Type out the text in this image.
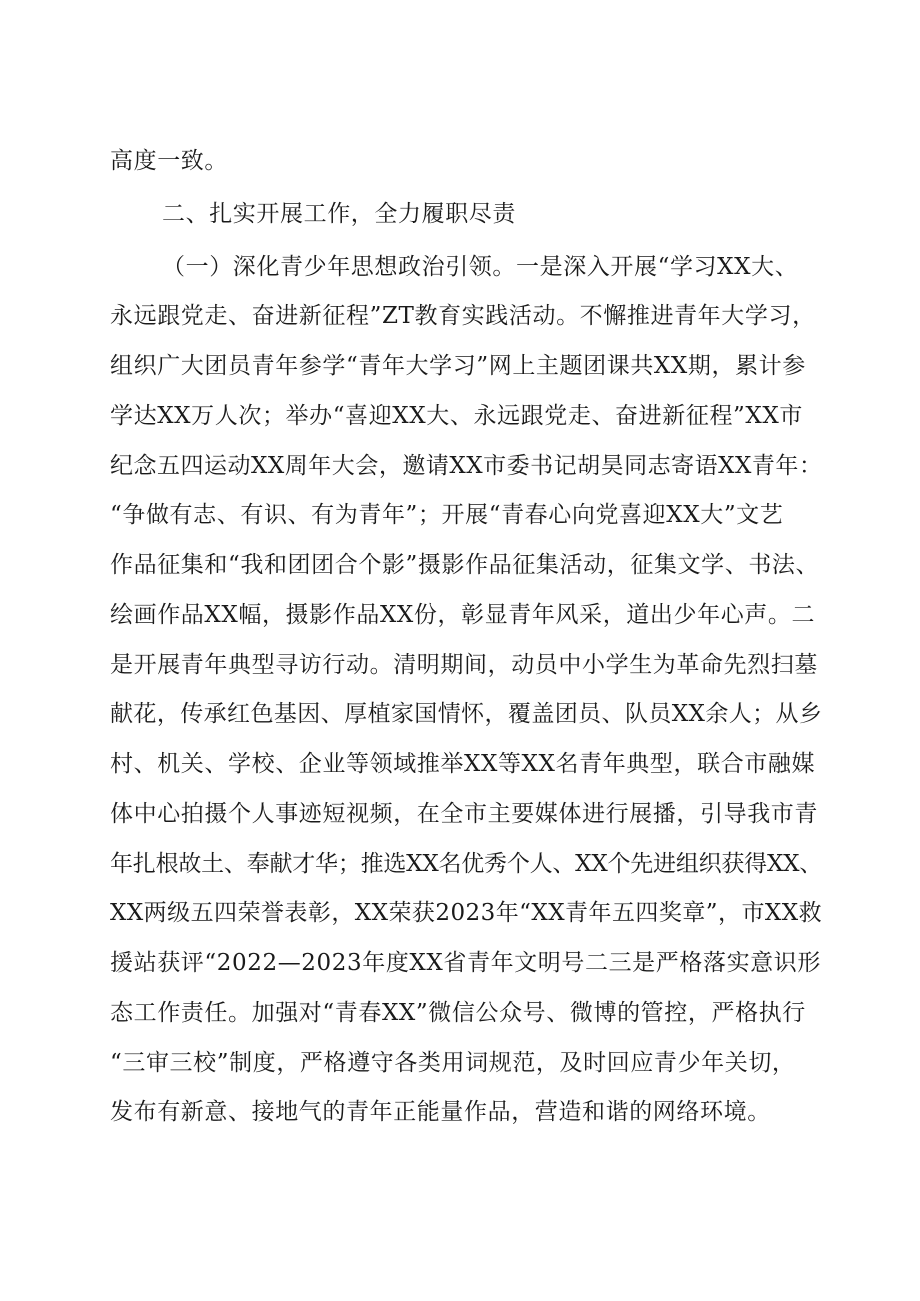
高度一致。
二、扎实开展工作，全力履职尽责
（一）深化青少年思想政治引领。一是深入开展“学习XX大、
永远跟党走、奋进新征程”ZT教育实践活动。不懈推进青年大学习，
组织广大团员青年参学“青年大学习”网上主题团课共XX期，累计参
学达XX万人次；举办“喜迎XX大、永远跟党走、奋进新征程”XX市
纪念五四运动XX周年大会，邀请XX市委书记胡昊同志寄语XX青年：
“争做有志、有识、有为青年”；开展“青春心向党喜迎XX大”文艺
作品征集和“我和团团合个影”摄影作品征集活动，征集文学、书法、
绘画作品XX幅，摄影作品XX份，彰显青年风采，道出少年心声。二
是开展青年典型寻访行动。清明期间，动员中小学生为革命先烈扫墓
献花，传承红色基因、厚植家国情怀，覆盖团员、队员XX余人；从乡
村、机关、学校、企业等领域推举XX等XX名青年典型，联合市融媒
体中心拍摄个人事迹短视频，在全市主要媒体进行展播，引导我市青
年扎根故土、奉献才华；推选XX名优秀个人、XX个先进组织获得XX、
XX两级五四荣誉表彰，XX荣获2023年“XX青年五四奖章”，市XX救
援站获评“2022—2023年度XX省青年文明号二三是严格落实意识形
态工作责任。加强对“青春XX”微信公众号、微博的管控，严格执行
“三审三校”制度，严格遵守各类用词规范，及时回应青少年关切，
发布有新意、接地气的青年正能量作品，营造和谐的网络环境。
